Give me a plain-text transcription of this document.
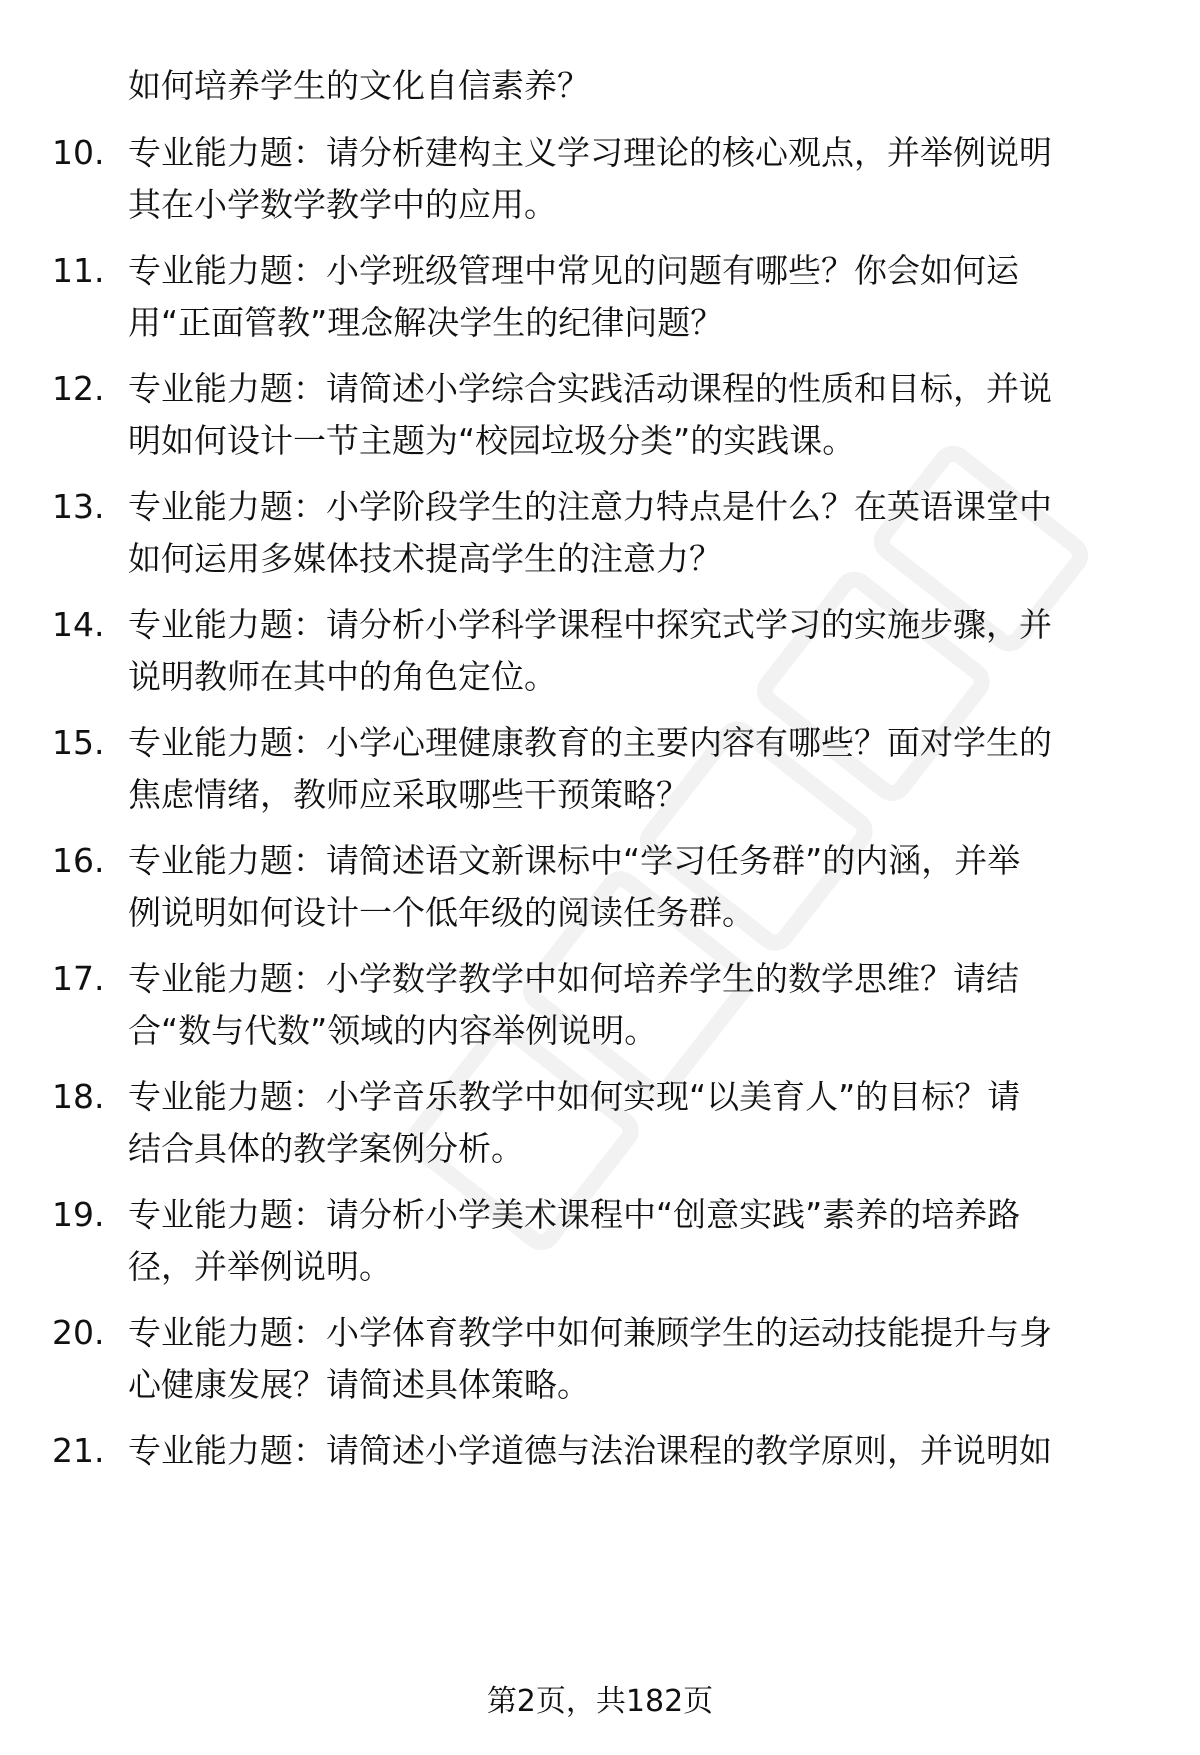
如何培养学生的文化自信素养？
10. 专业能力题：请分析建构主义学习理论的核心观点，并举例说明
其在小学数学教学中的应用。
11. 专业能力题：小学班级管理中常见的问题有哪些？你会如何运
用“正面管教”理念解决学生的纪律问题？
12. 专业能力题：请简述小学综合实践活动课程的性质和目标，并说
明如何设计一节主题为“校园垃圾分类”的实践课。
13. 专业能力题：小学阶段学生的注意力特点是什么？在英语课堂中
如何运用多媒体技术提高学生的注意力？
14. 专业能力题：请分析小学科学课程中探究式学习的实施步骤，并
说明教师在其中的角色定位。
15. 专业能力题：小学心理健康教育的主要内容有哪些？面对学生的
焦虑情绪，教师应采取哪些干预策略？
16. 专业能力题：请简述语文新课标中“学习任务群”的内涵，并举
例说明如何设计一个低年级的阅读任务群。
17. 专业能力题：小学数学教学中如何培养学生的数学思维？请结
合“数与代数”领域的内容举例说明。
18. 专业能力题：小学音乐教学中如何实现“以美育人”的目标？请
结合具体的教学案例分析。
19. 专业能力题：请分析小学美术课程中“创意实践”素养的培养路
径，并举例说明。
20. 专业能力题：小学体育教学中如何兼顾学生的运动技能提升与身
心健康发展？请简述具体策略。
21. 专业能力题：请简述小学道德与法治课程的教学原则，并说明如
第2页，共182页
